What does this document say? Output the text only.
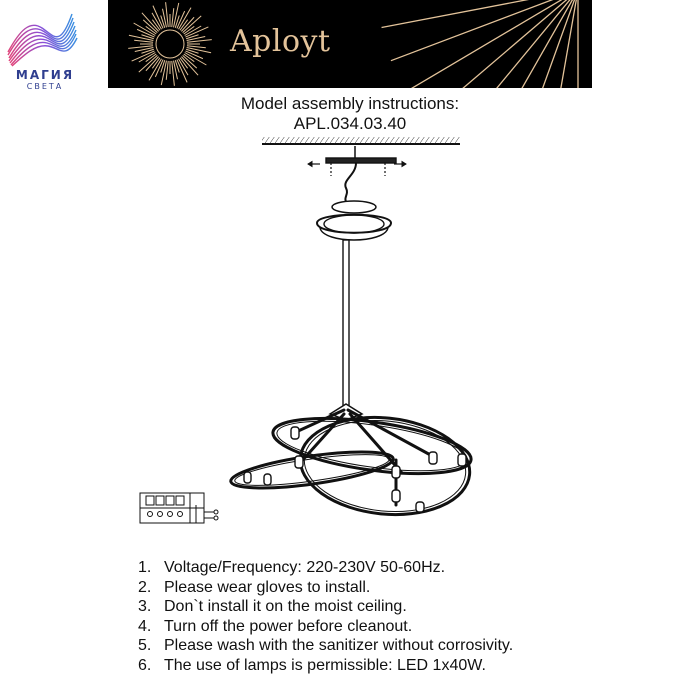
МАГИЯ
СВЕТА
Aployt
Model assembly instructions:
APL.034.03.40
1. Voltage/Frequency: 220-230V 50-60Hz.
2. Please wear gloves to install.
3. Don`t install it on the moist ceiling.
4. Turn off the power before cleanout.
5. Please wash with the sanitizer without corrosivity.
6. The use of lamps is permissible: LED 1x40W.
